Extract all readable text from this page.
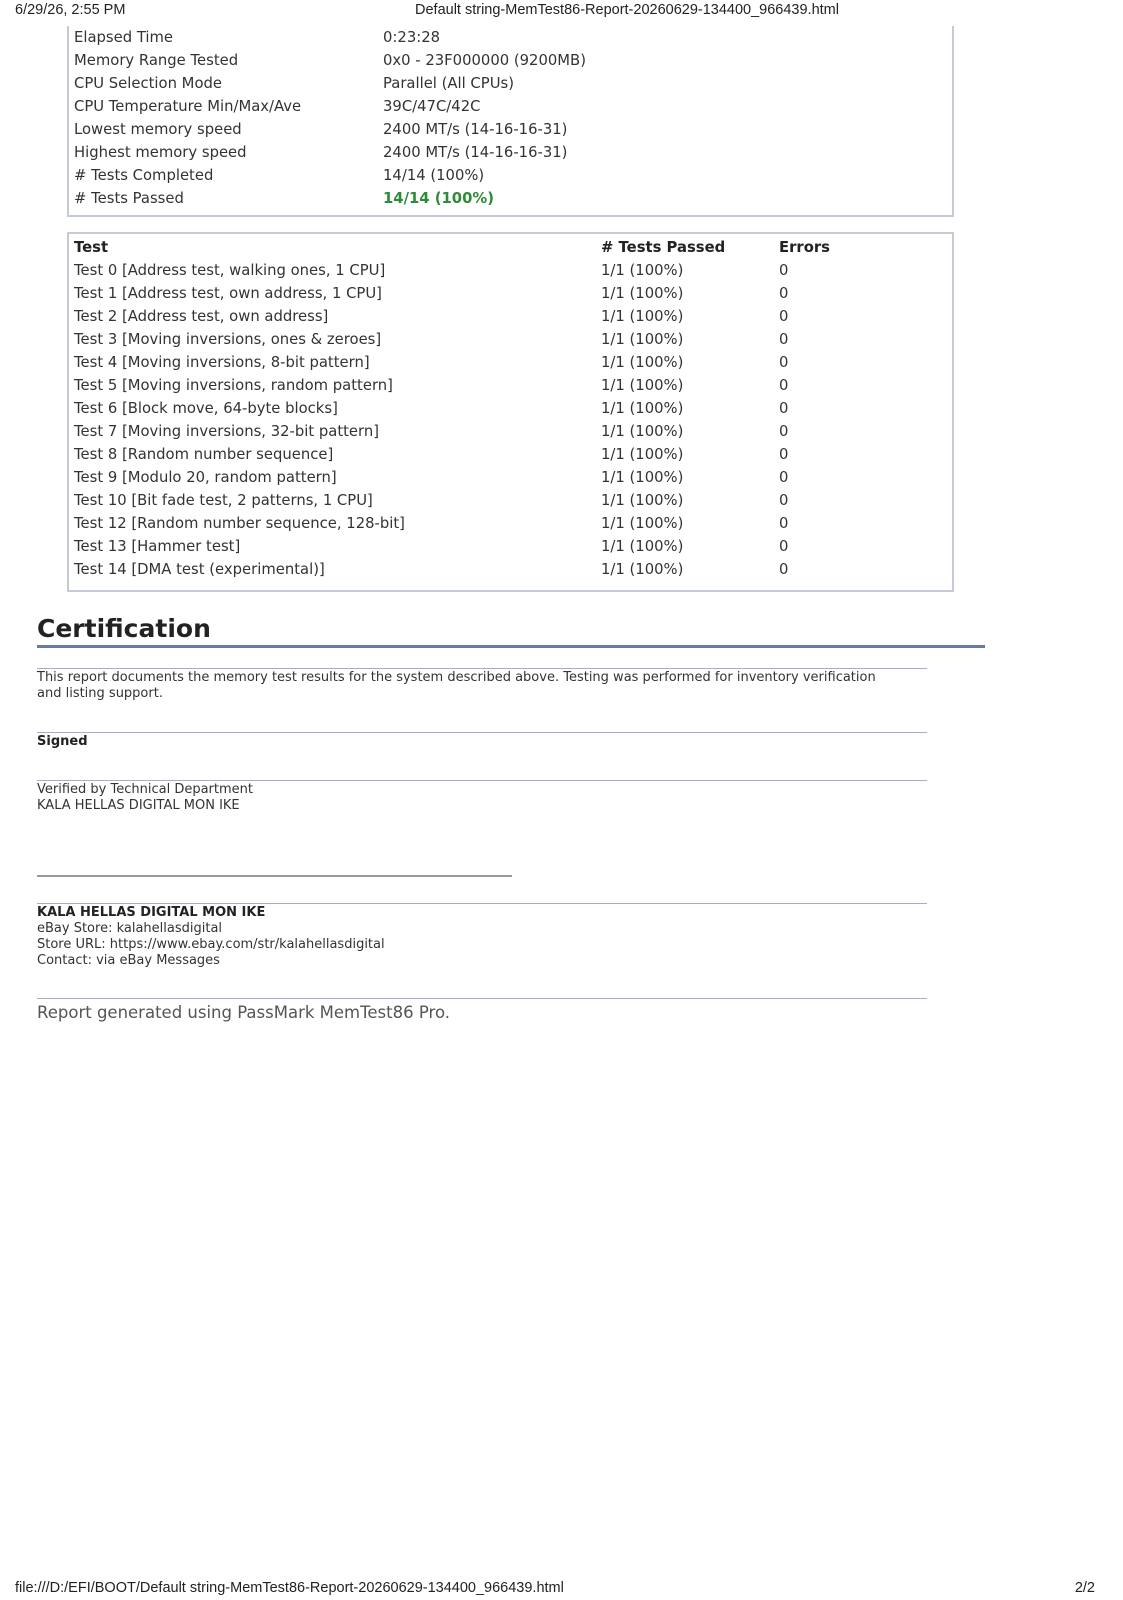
6/29/26, 2:55 PM	Default string-MemTest86-Report-20260629-134400_966439.html
Elapsed Time	0:23:28
Memory Range Tested	0x0 - 23F000000 (9200MB)
CPU Selection Mode	Parallel (All CPUs)
CPU Temperature Min/Max/Ave	39C/47C/42C
Lowest memory speed	2400 MT/s (14-16-16-31)
Highest memory speed	2400 MT/s (14-16-16-31)
# Tests Completed	14/14 (100%)
# Tests Passed	14/14 (100%)
Test	# Tests Passed	Errors
Test 0 [Address test, walking ones, 1 CPU]	1/1 (100%)	0
Test 1 [Address test, own address, 1 CPU]	1/1 (100%)	0
Test 2 [Address test, own address]	1/1 (100%)	0
Test 3 [Moving inversions, ones & zeroes]	1/1 (100%)	0
Test 4 [Moving inversions, 8-bit pattern]	1/1 (100%)	0
Test 5 [Moving inversions, random pattern]	1/1 (100%)	0
Test 6 [Block move, 64-byte blocks]	1/1 (100%)	0
Test 7 [Moving inversions, 32-bit pattern]	1/1 (100%)	0
Test 8 [Random number sequence]	1/1 (100%)	0
Test 9 [Modulo 20, random pattern]	1/1 (100%)	0
Test 10 [Bit fade test, 2 patterns, 1 CPU]	1/1 (100%)	0
Test 12 [Random number sequence, 128-bit]	1/1 (100%)	0
Test 13 [Hammer test]	1/1 (100%)	0
Test 14 [DMA test (experimental)]	1/1 (100%)	0
Certification
This report documents the memory test results for the system described above. Testing was performed for inventory verification
and listing support.
Signed
Verified by Technical Department
KALA HELLAS DIGITAL MON IKE
KALA HELLAS DIGITAL MON IKE
eBay Store: kalahellasdigital
Store URL: https://www.ebay.com/str/kalahellasdigital
Contact: via eBay Messages
Report generated using PassMark MemTest86 Pro.
file:///D:/EFI/BOOT/Default string-MemTest86-Report-20260629-134400_966439.html	2/2
